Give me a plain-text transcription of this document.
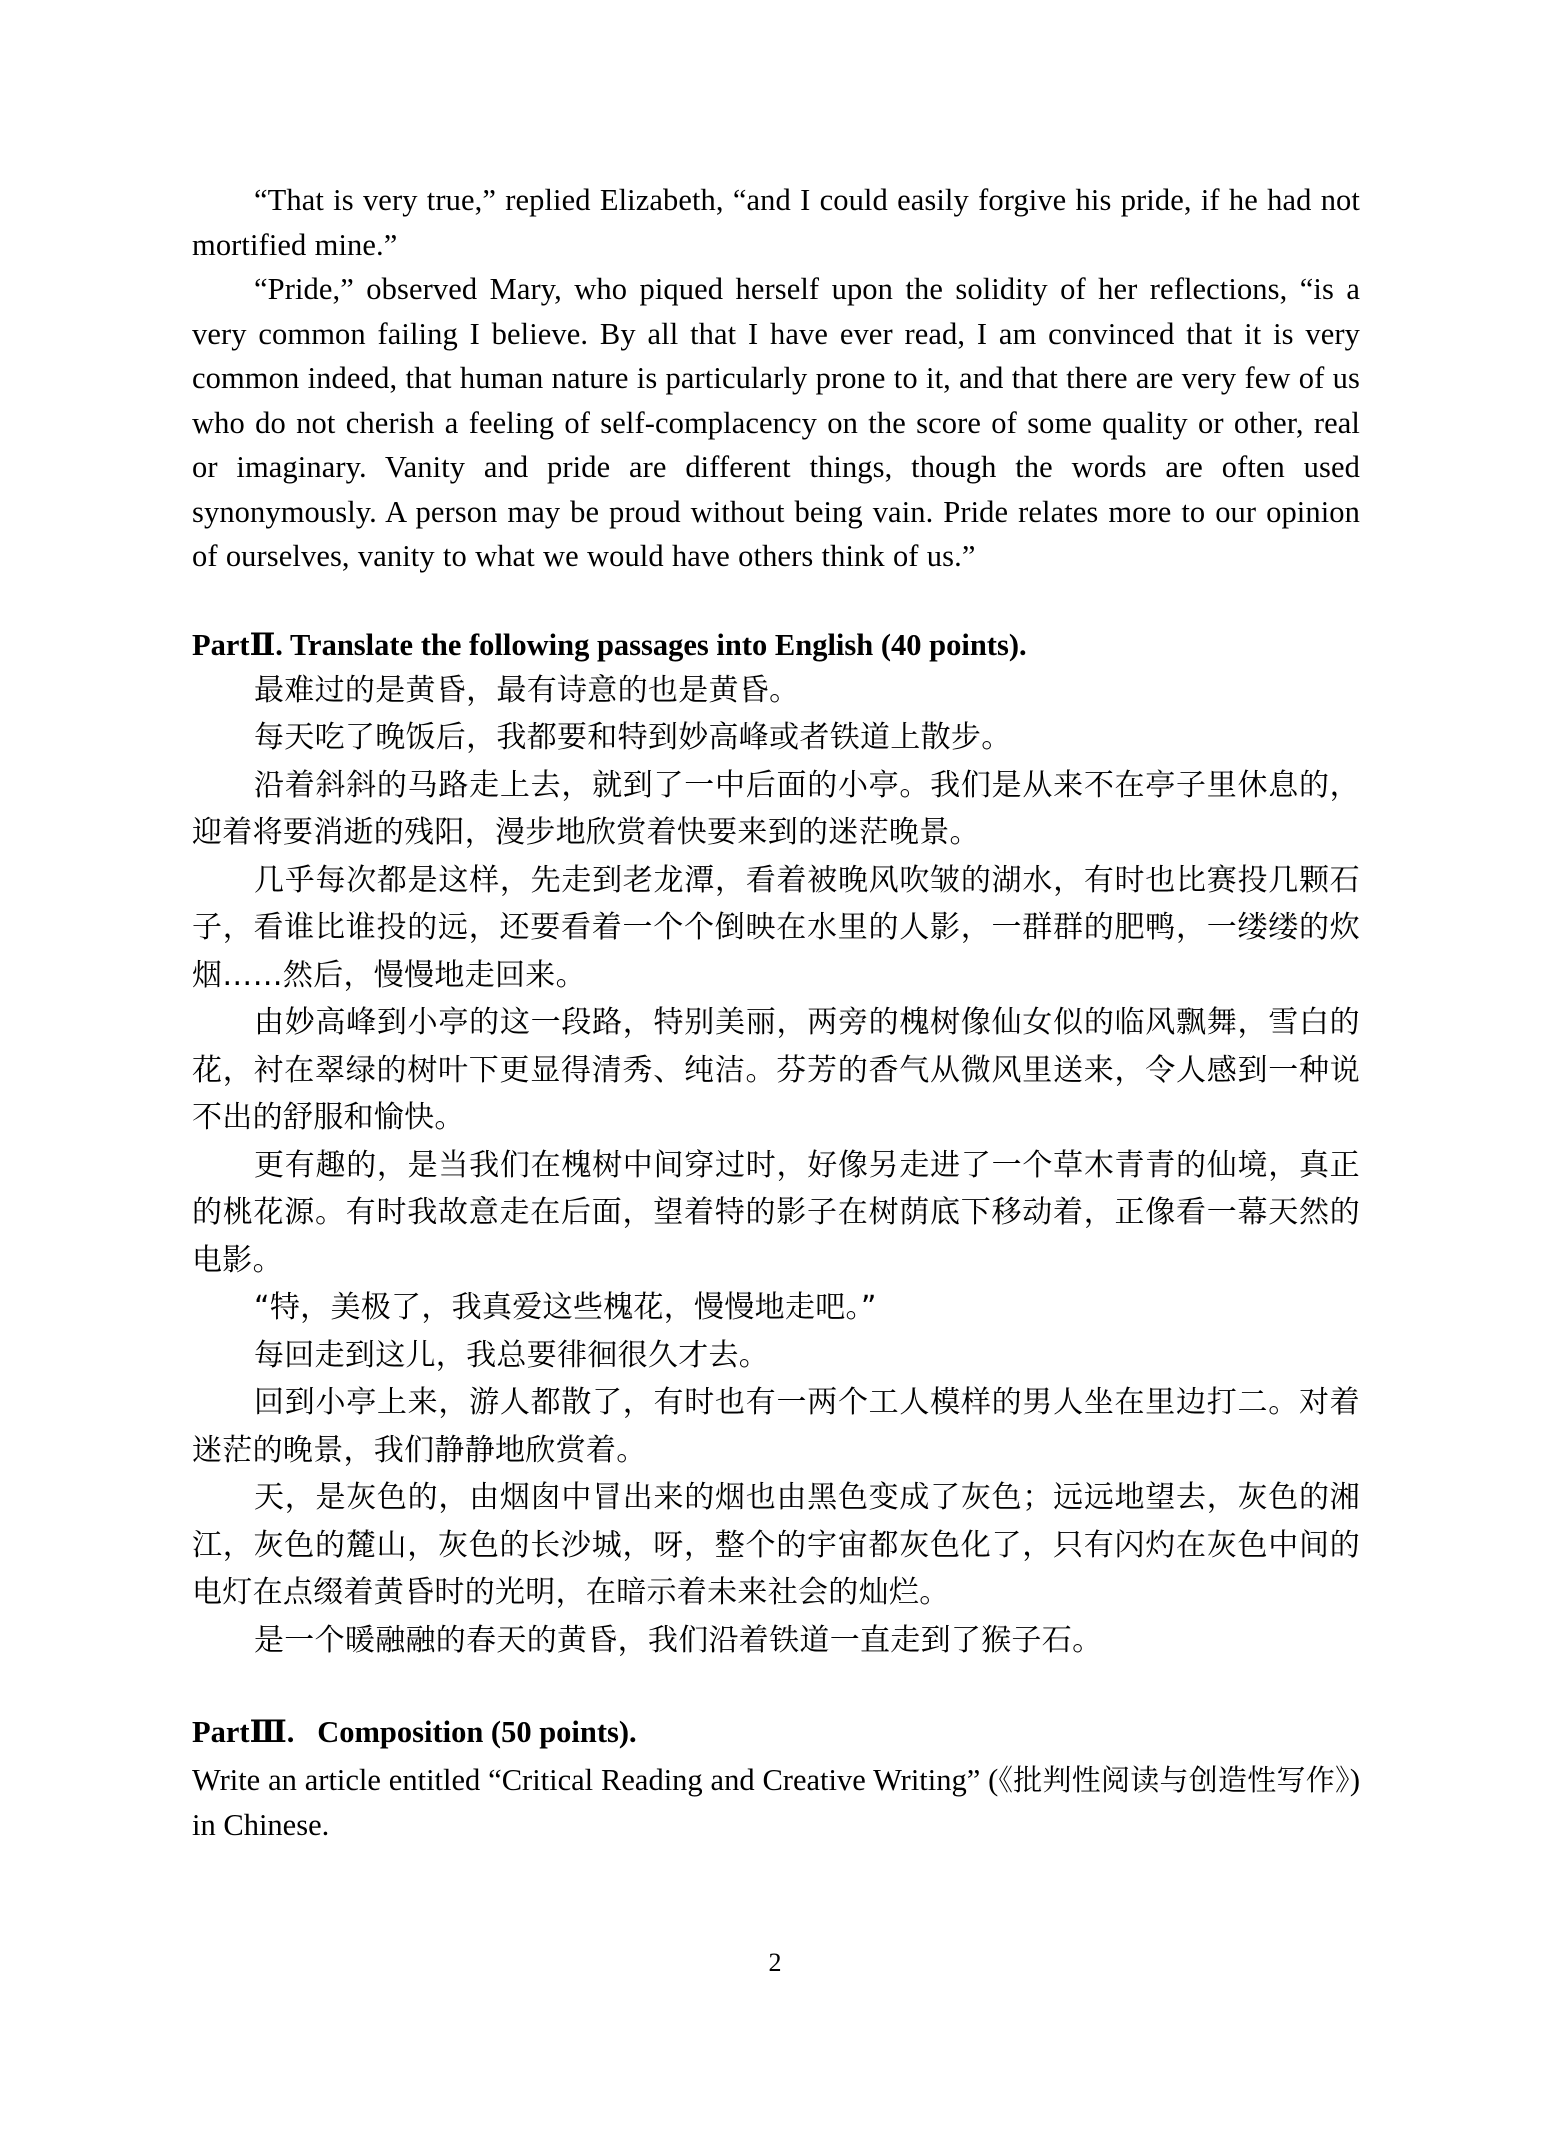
“That is very true,” replied Elizabeth, “and I could easily forgive his pride, if he had not mortified mine.”

“Pride,” observed Mary, who piqued herself upon the solidity of her reflections, “is a very common failing I believe. By all that I have ever read, I am convinced that it is very common indeed, that human nature is particularly prone to it, and that there are very few of us who do not cherish a feeling of self-complacency on the score of some quality or other, real or imaginary. Vanity and pride are different things, though the words are often used synonymously. A person may be proud without being vain. Pride relates more to our opinion of ourselves, vanity to what we would have others think of us.”

PartⅡ. Translate the following passages into English (40 points).

最难过的是黄昏，最有诗意的也是黄昏。

每天吃了晚饭后，我都要和特到妙高峰或者铁道上散步。

沿着斜斜的马路走上去，就到了一中后面的小亭。我们是从来不在亭子里休息的，迎着将要消逝的残阳，漫步地欣赏着快要来到的迷茫晚景。

几乎每次都是这样，先走到老龙潭，看着被晚风吹皱的湖水，有时也比赛投几颗石子，看谁比谁投的远，还要看着一个个倒映在水里的人影，一群群的肥鸭，一缕缕的炊烟……然后，慢慢地走回来。

由妙高峰到小亭的这一段路，特别美丽，两旁的槐树像仙女似的临风飘舞，雪白的花，衬在翠绿的树叶下更显得清秀、纯洁。芬芳的香气从微风里送来，令人感到一种说不出的舒服和愉快。

更有趣的，是当我们在槐树中间穿过时，好像另走进了一个草木青青的仙境，真正的桃花源。有时我故意走在后面，望着特的影子在树荫底下移动着，正像看一幕天然的电影。

“特，美极了，我真爱这些槐花，慢慢地走吧。”

每回走到这儿，我总要徘徊很久才去。

回到小亭上来，游人都散了，有时也有一两个工人模样的男人坐在里边打二。对着迷茫的晚景，我们静静地欣赏着。

天，是灰色的，由烟囱中冒出来的烟也由黑色变成了灰色；远远地望去，灰色的湘江，灰色的麓山，灰色的长沙城，呀，整个的宇宙都灰色化了，只有闪灼在灰色中间的电灯在点缀着黄昏时的光明，在暗示着未来社会的灿烂。

是一个暖融融的春天的黄昏，我们沿着铁道一直走到了猴子石。

PartⅢ.   Composition (50 points).

Write an article entitled “Critical Reading and Creative Writing” (《批判性阅读与创造性写作》) in Chinese.

2
